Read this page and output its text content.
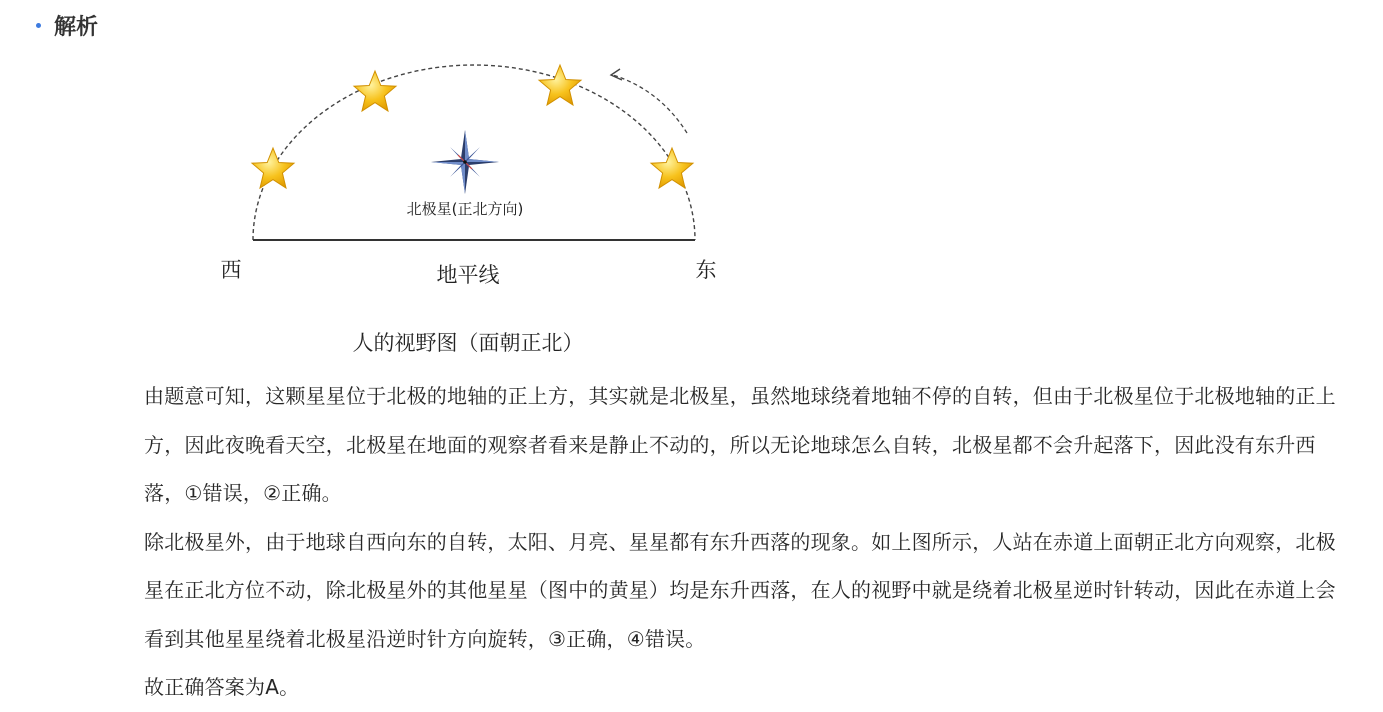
解析
北极星(正北方向)
西	东
地平线
人的视野图（面朝正北）

由题意可知，这颗星星位于北极的地轴的正上方，其实就是北极星，虽然地球绕着地轴不停的自转，但由于北极星位于北极地轴的正上方，因此夜晚看天空，北极星在地面的观察者看来是静止不动的，所以无论地球怎么自转，北极星都不会升起落下，因此没有东升西落，①错误，②正确。

除北极星外，由于地球自西向东的自转，太阳、月亮、星星都有东升西落的现象。如上图所示，人站在赤道上面朝正北方向观察，北极星在正北方位不动，除北极星外的其他星星（图中的黄星）均是东升西落，在人的视野中就是绕着北极星逆时针转动，因此在赤道上会看到其他星星绕着北极星沿逆时针方向旋转，③正确，④错误。

故正确答案为A。
